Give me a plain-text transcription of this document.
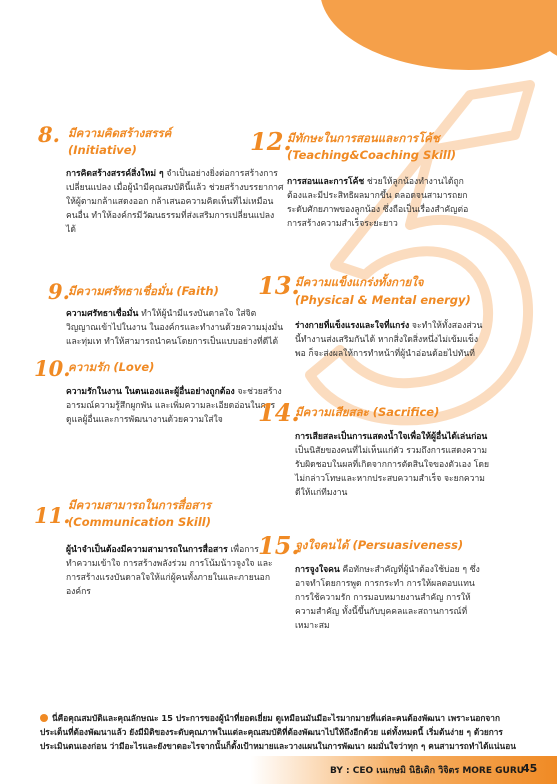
8. มีความคิดสร้างสรรค์
(Initiative)
การคิดสร้างสรรค์สิ่งใหม่ ๆ จำเป็นอย่างยิ่งต่อการสร้างการเปลี่ยนแปลง เมื่อผู้นำมีคุณสมบัตินี้แล้ว ช่วยสร้างบรรยากาศให้ผู้ตามกล้าแสดงออก กล้าเสนอความคิดเห็นที่ไม่เหมือนคนอื่น ทำให้องค์กรมีวัฒนธรรมที่ส่งเสริมการเปลี่ยนแปลงได้
12.
มีทักษะในการสอนและการโค้ช
(Teaching&Coaching Skill)
การสอนและการโค้ช ช่วยให้ลูกน้องทำงานได้ถูกต้องและมีประสิทธิผลมากขึ้น ตลอดจนสามารถยกระดับศักยภาพของลูกน้อง ซึ่งถือเป็นเรื่องสำคัญต่อการสร้างความสำเร็จระยะยาว
9.
มีความศรัทธาเชื่อมั่น (Faith)
ความศรัทธาเชื่อมั่น ทำให้ผู้นำมีแรงบันดาลใจ ใส่จิตวิญญาณเข้าไปในงาน ในองค์กรและทำงานด้วยความมุ่งมั่นและทุ่มเท ทำให้สามารถนำคนโดยการเป็นแบบอย่างที่ดีได้
13.
มีความแข็งแกร่งทั้งกายใจ
(Physical & Mental energy)
ร่างกายที่แข็งแรงและใจที่แกร่ง จะทำให้ทั้งสองส่วนนี้ทำงานส่งเสริมกันได้ หากสิ่งใดสิ่งหนึ่งไม่เข้มแข็งพอ ก็จะส่งผลให้การทำหน้าที่ผู้นำอ่อนด้อยไปทันที
10.
ความรัก (Love)
ความรักในงาน ในตนเองและผู้อื่นอย่างถูกต้อง จะช่วยสร้างอารมณ์ความรู้สึกผูกพัน และเพิ่มความละเอียดอ่อนในการดูแลผู้อื่นและการพัฒนางานด้วยความใส่ใจ	14.
มีความเสียสละ (Sacrifice)
การเสียสละเป็นการแสดงน้ำใจเพื่อให้ผู้อื่นได้เล่นก่อน เป็นนิสัยของคนที่ไม่เห็นแก่ตัว รวมถึงการแสดงความรับผิดชอบในผลที่เกิดจากการตัดสินใจของตัวเอง โดยไม่กล่าวโทษและหากประสบความสำเร็จ จะยกความดีให้แก่ทีมงาน
11.
มีความสามารถในการสื่อสาร
(Communication Skill)
ผู้นำจำเป็นต้องมีความสามารถในการสื่อสาร เพื่อการทำความเข้าใจ การสร้างพลังร่วม การโน้มน้าวจูงใจ และการสร้างแรงบันดาลใจให้แก่ผู้คนทั้งภายในและภายนอกองค์กร
15.
จูงใจคนได้ (Persuasiveness)
การจูงใจคน คือทักษะสำคัญที่ผู้นำต้องใช้บ่อย ๆ ซึ่งอาจทำโดยการพูด การกระทำ การให้ผลตอบแทน การใช้ความรัก การมอบหมายงานสำคัญ การให้ความสำคัญ ทั้งนี้ขึ้นกับบุคคลและสถานการณ์ที่เหมาะสม
นี่คือคุณสมบัติและคุณลักษณะ 15 ประการของผู้นำที่ยอดเยี่ยม ดูเหมือนมันมีอะไรมากมายที่แต่ละคนต้องพัฒนา เพราะนอกจากประเด็นที่ต้องพัฒนาแล้ว ยังมีมิติของระดับคุณภาพในแต่ละคุณสมบัติที่ต้องพัฒนาไปให้ถึงอีกด้วย แต่ทั้งหมดนี้ เริ่มต้นง่าย ๆ ด้วยการประเมินตนเองก่อน ว่ามีอะไรและยังขาดอะไรจากนั้นก็ตั้งเป้าหมายและวางแผนในการพัฒนา ผมมั่นใจว่าทุก ๆ คนสามารถทำได้แน่นอน
BY : CEO เนเกษมิ นิธิเดิก วิจิตร MORE GURU
45
